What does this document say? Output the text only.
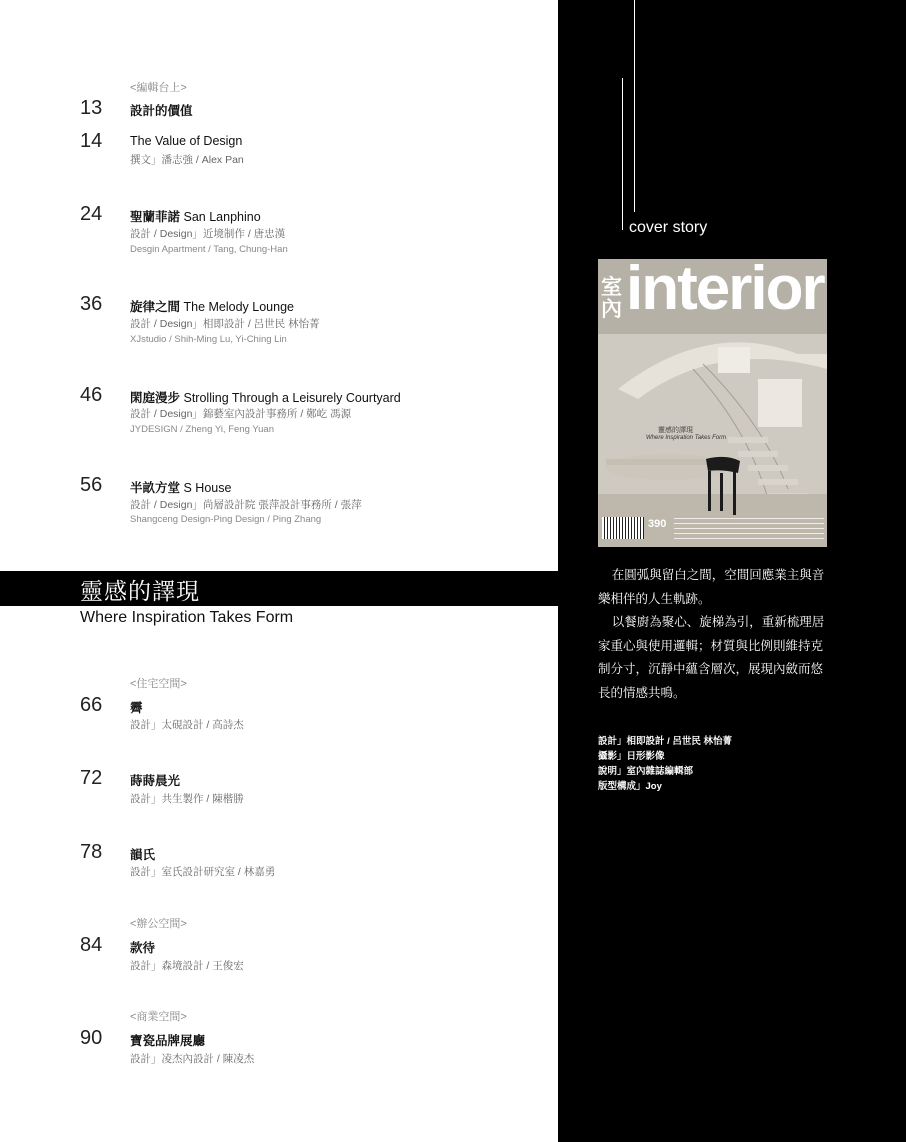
<編輯台上>
13 設計的價值
14 The Value of Design
撰文」潘志強 / Alex Pan
24 聖蘭菲諾 San Lanphino
設計 / Design」近境制作 / 唐忠漢
Desgin Apartment / Tang, Chung-Han
36 旋律之間 The Melody Lounge
設計 / Design」相即設計 / 呂世民 林怡菁
XJstudio / Shih-Ming Lu, Yi-Ching Lin
46 閑庭漫步 Strolling Through a Leisurely Courtyard
設計 / Design」錦藝室內設計事務所 / 鄭屹 馮源
JYDESIGN / Zheng Yi, Feng Yuan
56 半畝方堂 S House
設計 / Design」尚層設計院 張萍設計事務所 / 張萍
Shangceng Design-Ping Design / Ping Zhang
靈感的譯現
Where Inspiration Takes Form
<住宅空間>
66 霽
設計」太硯設計 / 高詩杰
72 蒔蒔晨光
設計」共生製作 / 陳楷勝
78 韻氏
設計」室氏設計研究室 / 林嘉勇
<辦公空間>
84 款待
設計」森境設計 / 王俊宏
<商業空間>
90 寶瓷品牌展廳
設計」凌杰內設計 / 陳凌杰
cover story
室內 interior
靈感的譯現
Where Inspiration Takes Form
390

在圓弧與留白之間，空間回應業主與音樂相伴的人生軌跡。

以餐廚為聚心、旋梯為引，重新梳理居家重心與使用邏輯；材質與比例則維持克制分寸，沉靜中蘊含層次，展現內斂而悠長的情感共鳴。

設計」相即設計 / 呂世民 林怡菁
攝影」日形影像
說明」室內雜誌編輯部
版型構成」Joy
